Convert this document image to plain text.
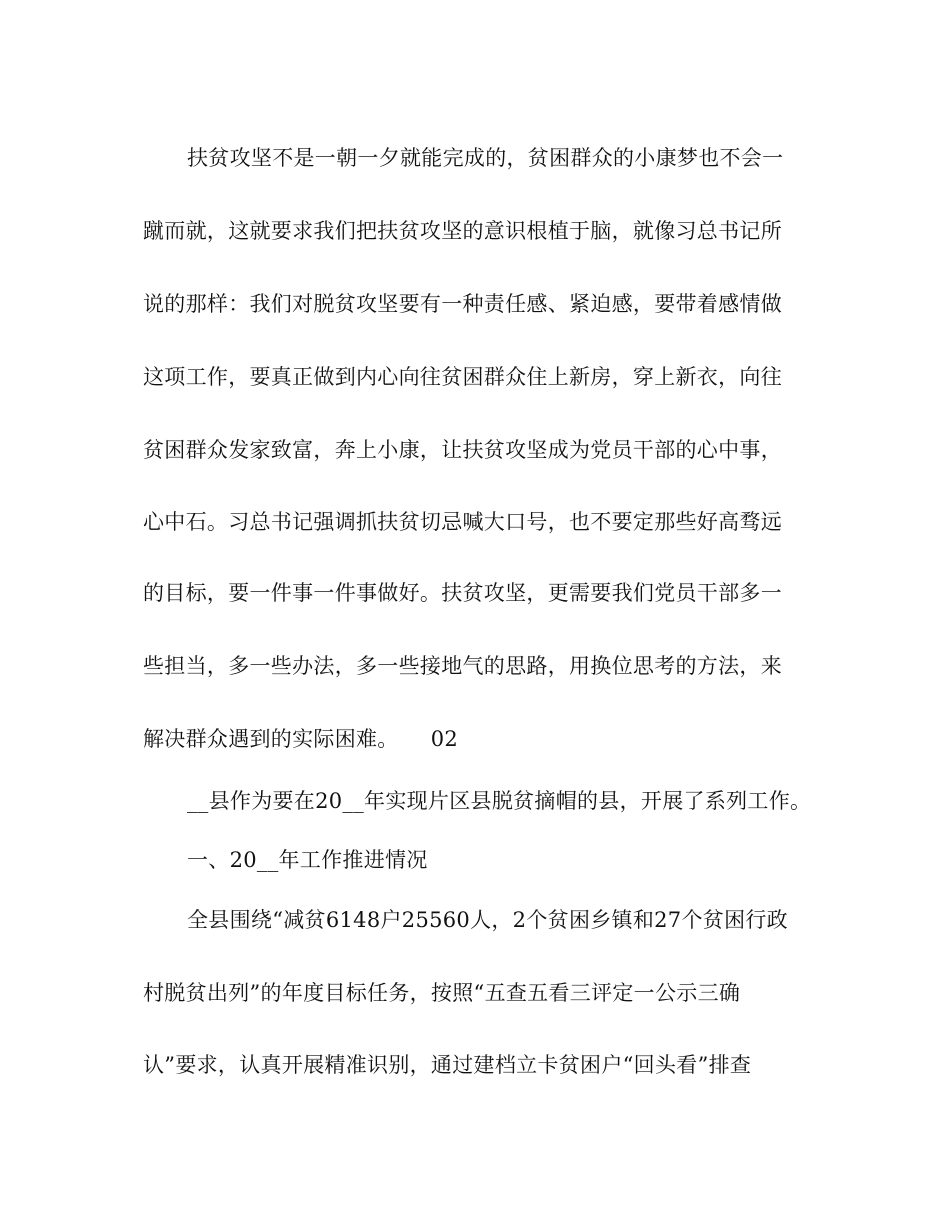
扶贫攻坚不是一朝一夕就能完成的，贫困群众的小康梦也不会一
蹴而就，这就要求我们把扶贫攻坚的意识根植于脑，就像习总书记所
说的那样：我们对脱贫攻坚要有一种责任感、紧迫感，要带着感情做
这项工作，要真正做到内心向往贫困群众住上新房，穿上新衣，向往
贫困群众发家致富，奔上小康，让扶贫攻坚成为党员干部的心中事，
心中石。习总书记强调抓扶贫切忌喊大口号，也不要定那些好高骛远
的目标，要一件事一件事做好。扶贫攻坚，更需要我们党员干部多一
些担当，多一些办法，多一些接地气的思路，用换位思考的方法，来
解决群众遇到的实际困难。　　02
__县作为要在20__年实现片区县脱贫摘帽的县，开展了系列工作。
一、20__年工作推进情况
全县围绕“减贫6148户25560人，2个贫困乡镇和27个贫困行政
村脱贫出列”的年度目标任务，按照“五查五看三评定一公示三确
认”要求，认真开展精准识别，通过建档立卡贫困户“回头看”排查
